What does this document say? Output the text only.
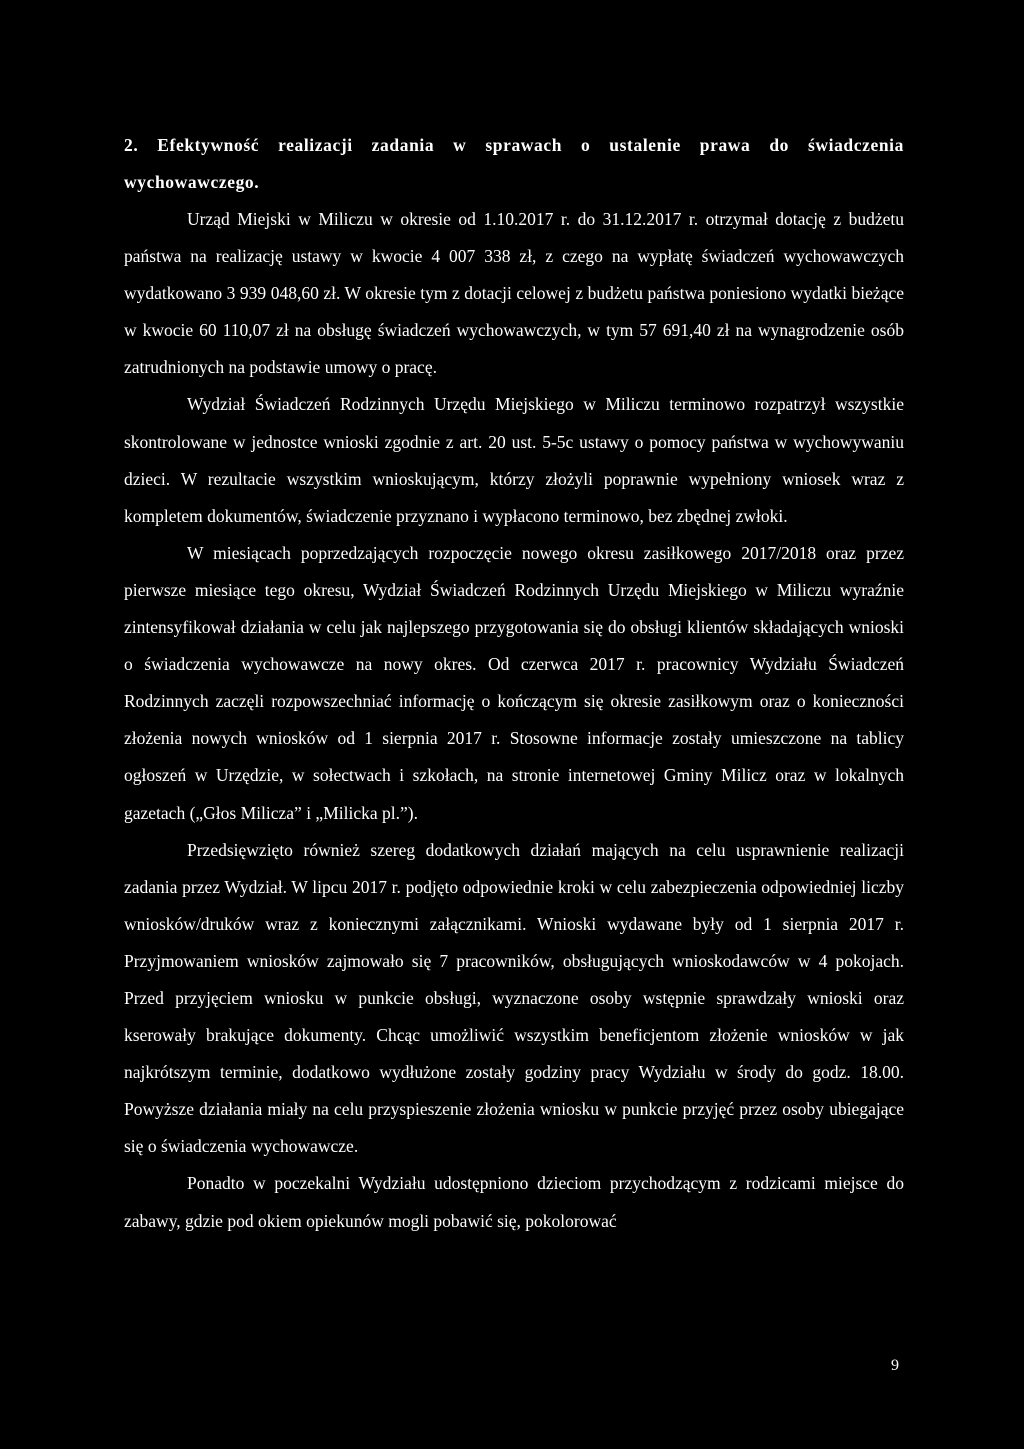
2. Efektywność realizacji zadania w sprawach o ustalenie prawa do świadczenia wychowawczego.

Urząd Miejski w Miliczu w okresie od 1.10.2017 r. do 31.12.2017 r. otrzymał dotację z budżetu państwa na realizację ustawy w kwocie 4 007 338 zł, z czego na wypłatę świadczeń wychowawczych wydatkowano 3 939 048,60 zł. W okresie tym z dotacji celowej z budżetu państwa poniesiono wydatki bieżące w kwocie 60 110,07 zł na obsługę świadczeń wychowawczych, w tym 57 691,40 zł na wynagrodzenie osób zatrudnionych na podstawie umowy o pracę.

Wydział Świadczeń Rodzinnych Urzędu Miejskiego w Miliczu terminowo rozpatrzył wszystkie skontrolowane w jednostce wnioski zgodnie z art. 20 ust. 5-5c ustawy o pomocy państwa w wychowywaniu dzieci. W rezultacie wszystkim wnioskującym, którzy złożyli poprawnie wypełniony wniosek wraz z kompletem dokumentów, świadczenie przyznano i wypłacono terminowo, bez zbędnej zwłoki.

W miesiącach poprzedzających rozpoczęcie nowego okresu zasiłkowego 2017/2018 oraz przez pierwsze miesiące tego okresu, Wydział Świadczeń Rodzinnych Urzędu Miejskiego w Miliczu wyraźnie zintensyfikował działania w celu jak najlepszego przygotowania się do obsługi klientów składających wnioski o świadczenia wychowawcze na nowy okres. Od czerwca 2017 r. pracownicy Wydziału Świadczeń Rodzinnych zaczęli rozpowszechniać informację o kończącym się okresie zasiłkowym oraz o konieczności złożenia nowych wniosków od 1 sierpnia 2017 r. Stosowne informacje zostały umieszczone na tablicy ogłoszeń w Urzędzie, w sołectwach i szkołach, na stronie internetowej Gminy Milicz oraz w lokalnych gazetach („Głos Milicza” i „Milicka pl.”).

Przedsięwzięto również szereg dodatkowych działań mających na celu usprawnienie realizacji zadania przez Wydział. W lipcu 2017 r. podjęto odpowiednie kroki w celu zabezpieczenia odpowiedniej liczby wniosków/druków wraz z koniecznymi załącznikami. Wnioski wydawane były od 1 sierpnia 2017 r. Przyjmowaniem wniosków zajmowało się 7 pracowników, obsługujących wnioskodawców w 4 pokojach. Przed przyjęciem wniosku w punkcie obsługi, wyznaczone osoby wstępnie sprawdzały wnioski oraz kserowały brakujące dokumenty. Chcąc umożliwić wszystkim beneficjentom złożenie wniosków w jak najkrótszym terminie, dodatkowo wydłużone zostały godziny pracy Wydziału w środy do godz. 18.00. Powyższe działania miały na celu przyspieszenie złożenia wniosku w punkcie przyjęć przez osoby ubiegające się o świadczenia wychowawcze.

Ponadto w poczekalni Wydziału udostępniono dzieciom przychodzącym z rodzicami miejsce do zabawy, gdzie pod okiem opiekunów mogli pobawić się, pokolorować

9
